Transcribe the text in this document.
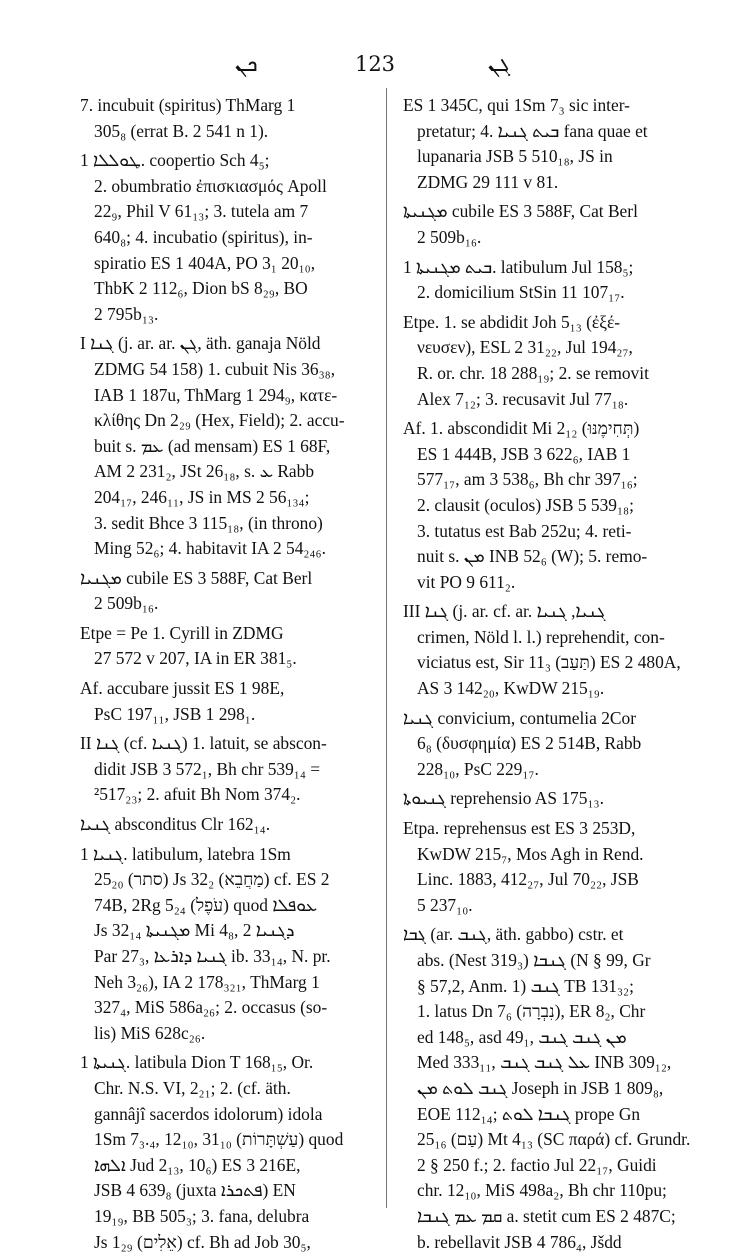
ܟܢ	123	ܓܢ
7. incubuit (spiritus) ThMarg 1
305₈ (errat B. 2 541 n 1).
ܛܘܠܠܐ 1. coopertio Sch 4₅;
2. obumbratio ἐπισκιασμός Apoll
22₉, Phil V 61₁₃; 3. tutela am 7
640₈; 4. incubatio (spiritus), in-
spiratio ES 1 404A, PO 3₁ 20₁₀,
ThbK 2 112₆, Dion bS 8₂₉, BO
2 795b₁₃.
I ܓܢܐ (j. ar. ar. ܓܢ, äth. ganaja Nöld
ZDMG 54 158) 1. cubuit Nis 36₃₈,
IAB 1 187u, ThMarg 1 294₉, κατε-
κλίθης Dn 2₂₉ (Hex, Field); 2. accu-
buit s. ܥܡ (ad mensam) ES 1 68F,
AM 2 231₂, JSt 26₁₈, s. ܥ Rabb
204₁₇, 246₁₁, JS in MS 2 56₁₃₄;
3. sedit Bhce 3 115₁₈, (in throno)
Ming 52₆; 4. habitavit IA 2 54₂₄₆.
ܡܓܢܝܐ cubile ES 3 588F, Cat Berl
2 509b₁₆.
Etpe = Pe 1. Cyrill in ZDMG
27 572 v 207, IA in ER 381₅.
Af. accubare jussit ES 1 98E,
PsC 197₁₁, JSB 1 298₁.
II ܓܢܐ (cf. ܓܢܝܐ) 1. latuit, se abscon-
didit JSB 3 572₁, Bh chr 539₁₄ =
²517₂₃; 2. afuit Bh Nom 374₂.
ܓܢܝܐ absconditus Clr 162₁₄.
ܓܢܝܐ 1. latibulum, latebra 1Sm
25₂₀ (סתר) Js 32₂ (מַחֲבֵא) cf. ES 2
74B, 2Rg 5₂₄ (עֹפֶל) quod ܥܘܦܠܐ
Js 32₁₄ ܡܓܢܝܬܐ Mi 4₈, ܕܓܢܝܐ 2
Par 27₃, ܓܢܝܐ ܕܐܪܥܐ ib. 33₁₄, N. pr.
Neh 3₂₆), IA 2 178₃₂₁, ThMarg 1
327₄, MiS 586a₂₆; 2. occasus (so-
lis) MiS 628c₂₆.
ܓܢܝܬܐ 1. latibula Dion T 168₁₅, Or.
Chr. N.S. VI, 2₂₁; 2. (cf. äth.
gannâjî sacerdos idolorum) idola
1Sm 7₃.₄, 12₁₀, 31₁₀ (עַשְׁתָּרוֹת) quod
ܐܠܗܐ Jud 2₁₃, 10₆) ES 3 216E,
JSB 4 639₈ (juxta ܦܬܟܪܐ) EN
19₁₉, BB 505₃; 3. fana, delubra
Js 1₂₉ (אֵלִים) cf. Bh ad Job 30₅,
ES 1 345C, qui 1Sm 7₃ sic inter-
pretatur; 4. ܒܝܬ ܓܢܝܐ fana quae et
lupanaria JSB 5 510₁₈, JS in
ZDMG 29 111 v 81.
ܡܓܢܝܬܐ cubile ES 3 588F, Cat Berl
2 509b₁₆.
ܒܝܬ ܡܓܢܝܬܐ 1. latibulum Jul 158₅;
2. domicilium StSin 11 107₁₇.
Etpe. 1. se abdidit Joh 5₁₃ (ἐξέ-
νευσεν), ESL 2 31₂₂, Jul 194₂₇,
R. or. chr. 18 288₁₉; 2. se removit
Alex 7₁₂; 3. recusavit Jul 77₁₈.
Af. 1. abscondidit Mi 2₁₂ (תְּחִימֶנּוּ)
ES 1 444B, JSB 3 622₆, IAB 1
577₁₇, am 3 538₆, Bh chr 397₁₆;
2. clausit (oculos) JSB 5 539₁₈;
3. tutatus est Bab 252u; 4. reti-
nuit s. ܡܢ INB 52₆ (W); 5. remo-
vit PO 9 611₂.
III ܓܢܐ (j. ar. cf. ar. ܓܢܝܐ, ܓܢܝܐ
crimen, Nöld l. l.) reprehendit, con-
viciatus est, Sir 11₃ (תַּעַב) ES 2 480A,
AS 3 142₂₀, KwDW 215₁₉.
ܓܢܝܐ convicium, contumelia 2Cor
6₈ (δυσφημία) ES 2 514B, Rabb
228₁₀, PsC 229₁₇.
ܓܢܝܘܬܐ reprehensio AS 175₁₃.
Etpa. reprehensus est ES 3 253D,
KwDW 215₇, Mos Agh in Rend.
Linc. 1883, 412₂₇, Jul 70₂₂, JSB
5 237₁₀.
ܓܒܐ (ar. ܓܢܒ, äth. gabbo) cstr. et
abs. (Nest 319₃) ܓܢܒܐ (N § 99, Gr
§ 57,2, Anm. 1) ܓܢܒ TB 131₃₂;
1. latus Dn 7₆ (נִבְרָה), ER 8₂, Chr
ed 148₅, asd 49₁, ܡܢ ܓܢܒ ܓܢܒ
Med 333₁₁, ܥܠ ܓܢܒ ܓܢܒ INB 309₁₂,
ܓܢܒ ܠܘܬ ܡܢ Joseph in JSB 1 809₈,
EOE 112₁₄; ܓܢܒܐ ܠܘܬ prope Gn
25₁₆ (עַם) Mt 4₁₃ (SC παρά) cf. Grundr.
2 § 250 f.; 2. factio Jul 22₁₇, Guidi
chr. 12₁₀, MiS 498a₂, Bh chr 110pu;
ܩܡ ܥܡ ܓܢܒܐ a. stetit cum ES 2 487C;
b. rebellavit JSB 4 786₄, Jšdd
